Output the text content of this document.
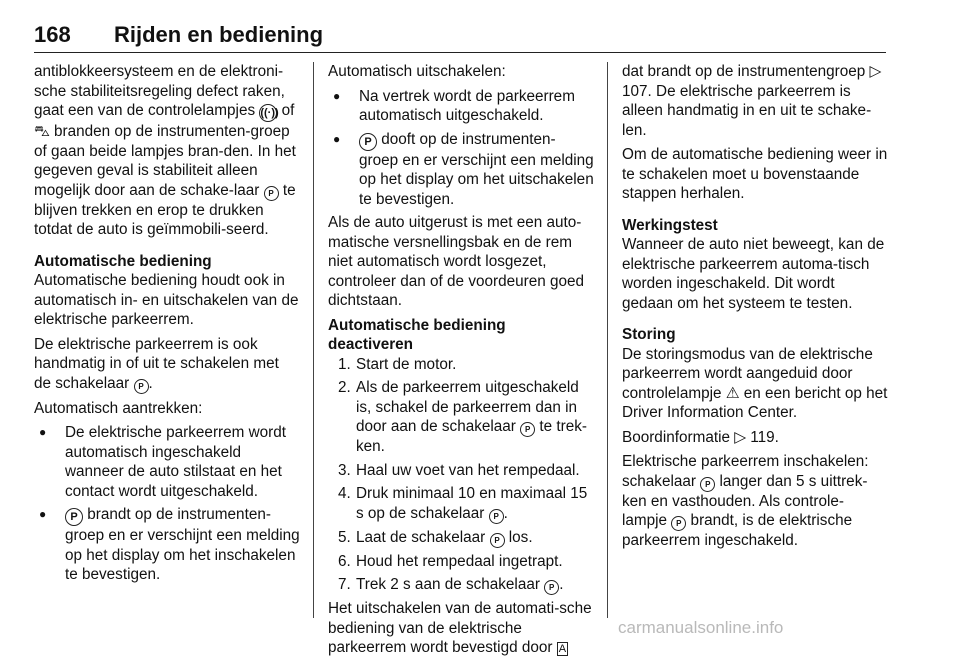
168 Rijden en bediening

antiblokkeersysteem en de elektroni-sche stabiliteitsregeling defect raken, gaat een van de controlelampjes ((·)) of ⛍ branden op de instrumenten-groep of gaan beide lampjes bran-den. In het gegeven geval is stabiliteit alleen mogelijk door aan de schake-laar P te blijven trekken en erop te drukken totdat de auto is geïmmobili-seerd.

Automatische bediening

Automatische bediening houdt ook in automatisch in- en uitschakelen van de elektrische parkeerrem.

De elektrische parkeerrem is ook handmatig in of uit te schakelen met de schakelaar P .

Automatisch aantrekken:

● De elektrische parkeerrem wordt automatisch ingeschakeld wanneer de auto stilstaat en het contact wordt uitgeschakeld.
● P brandt op de instrumenten-groep en er verschijnt een melding op het display om het inschakelen te bevestigen.

Automatisch uitschakelen:

● Na vertrek wordt de parkeerrem automatisch uitgeschakeld.
● P dooft op de instrumenten-groep en er verschijnt een melding op het display om het uitschakelen te bevestigen.

Als de auto uitgerust is met een auto-matische versnellingsbak en de rem niet automatisch wordt losgezet, controleer dan of de voordeuren goed dichtstaan.

Automatische bediening deactiveren

1. Start de motor.
2. Als de parkeerrem uitgeschakeld is, schakel de parkeerrem dan in door aan de schakelaar P te trek-ken.
3. Haal uw voet van het rempedaal.
4. Druk minimaal 10 en maximaal 15 s op de schakelaar P .
5. Laat de schakelaar P los.
6. Houd het rempedaal ingetrapt.
7. Trek 2 s aan de schakelaar P .

Het uitschakelen van de automati-sche bediening van de elektrische parkeerrem wordt bevestigd door A

dat brandt op de instrumentengroep ▷ 107. De elektrische parkeerrem is alleen handmatig in en uit te schake-len.

Om de automatische bediening weer in te schakelen moet u bovenstaande stappen herhalen.

Werkingstest

Wanneer de auto niet beweegt, kan de elektrische parkeerrem automa-tisch worden ingeschakeld. Dit wordt gedaan om het systeem te testen.

Storing

De storingsmodus van de elektrische parkeerrem wordt aangeduid door controlelampje ⚠ en een bericht op het Driver Information Center.

Boordinformatie ▷ 119.

Elektrische parkeerrem inschakelen: schakelaar P langer dan 5 s uittrek-ken en vasthouden. Als controle-lampje P brandt, is de elektrische parkeerrem ingeschakeld.

carmanualsonline.info
